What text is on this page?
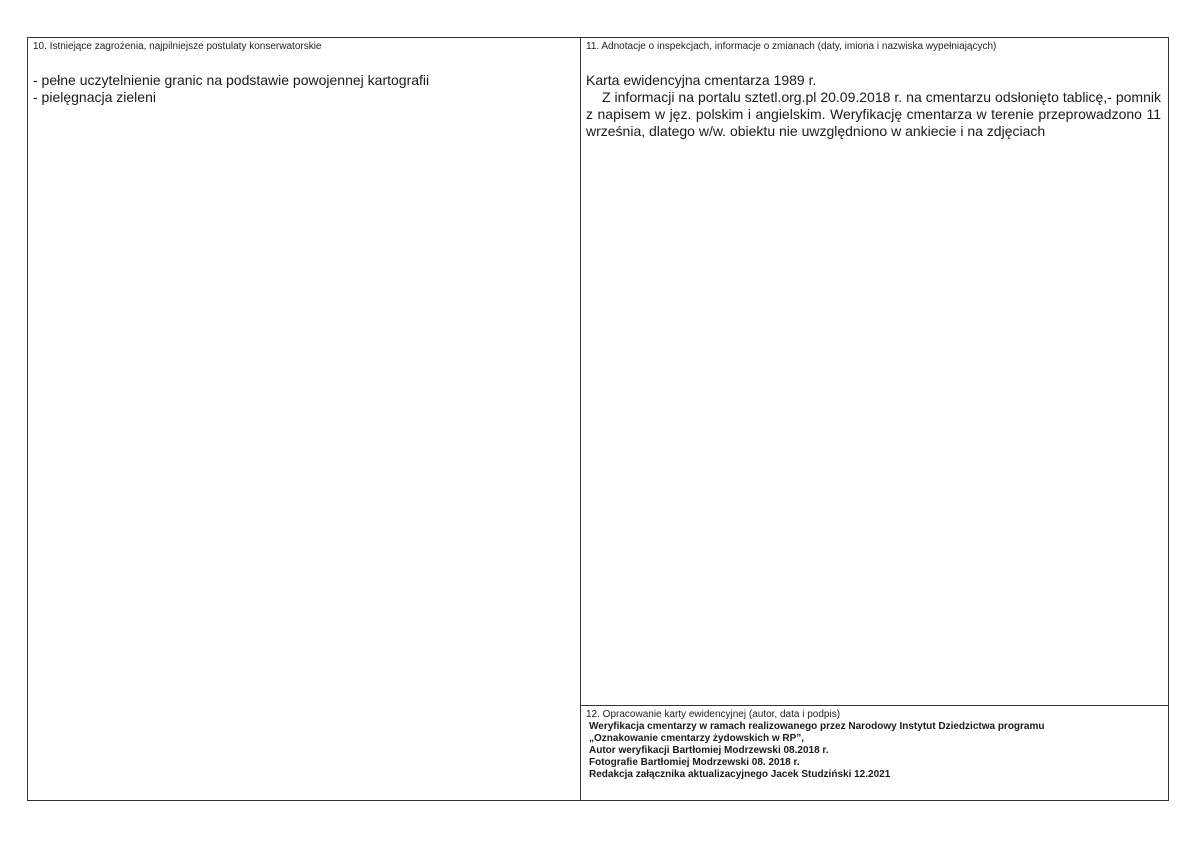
10. Istniejące zagrożenia, najpilniejsze postulaty konserwatorskie
- pełne uczytelnienie granic na podstawie powojennej kartografii
- pielęgnacja zieleni
11. Adnotacje o inspekcjach, informacje o zmianach (daty, imiona i nazwiska wypełniających)
Karta ewidencyjna cmentarza 1989 r.
Z informacji na portalu sztetl.org.pl 20.09.2018 r. na cmentarzu odsłonięto tablicę,- pomnik z napisem w jęz. polskim i angielskim. Weryfikację cmentarza w terenie przeprowadzono 11 września, dlatego w/w. obiektu nie uwzględniono w ankiecie i na zdjęciach
12. Opracowanie karty ewidencyjnej (autor, data i podpis)
Weryfikacja cmentarzy w ramach realizowanego przez Narodowy Instytut Dziedzictwa programu
„Oznakowanie cmentarzy żydowskich w RP”,
Autor weryfikacji Bartłomiej Modrzewski 08.2018 r.
Fotografie Bartłomiej Modrzewski 08. 2018 r.
Redakcja załącznika aktualizacyjnego Jacek Studziński 12.2021
